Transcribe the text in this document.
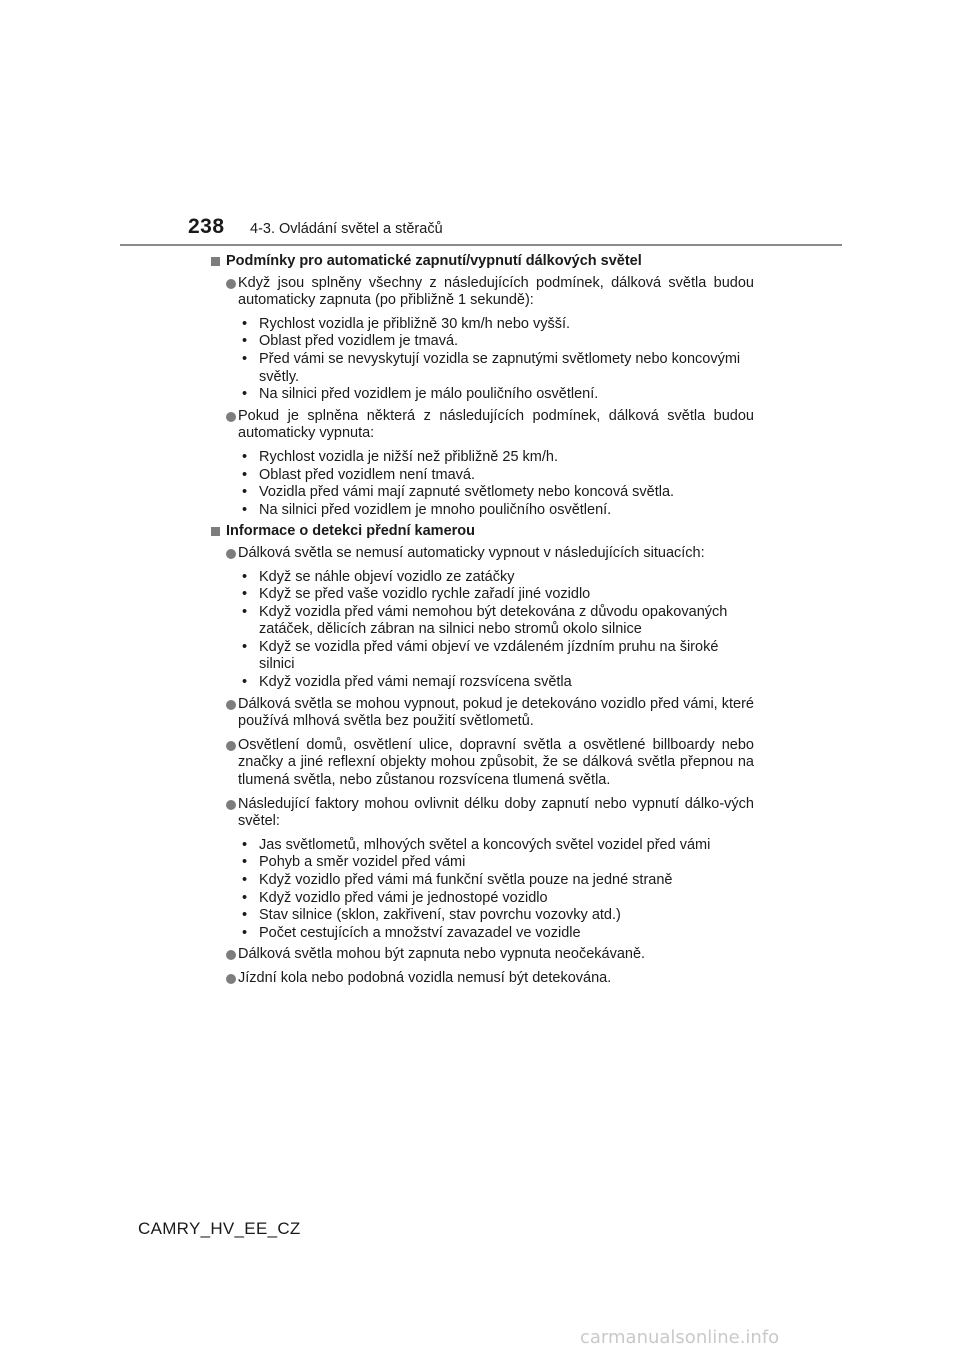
238 4-3. Ovládání světel a stěračů
Podmínky pro automatické zapnutí/vypnutí dálkových světel
Když jsou splněny všechny z následujících podmínek, dálková světla budou automaticky zapnuta (po přibližně 1 sekundě):
• Rychlost vozidla je přibližně 30 km/h nebo vyšší.
• Oblast před vozidlem je tmavá.
• Před vámi se nevyskytují vozidla se zapnutými světlomety nebo koncovými světly.
• Na silnici před vozidlem je málo pouličního osvětlení.
Pokud je splněna některá z následujících podmínek, dálková světla budou automaticky vypnuta:
• Rychlost vozidla je nižší než přibližně 25 km/h.
• Oblast před vozidlem není tmavá.
• Vozidla před vámi mají zapnuté světlomety nebo koncová světla.
• Na silnici před vozidlem je mnoho pouličního osvětlení.
Informace o detekci přední kamerou
Dálková světla se nemusí automaticky vypnout v následujících situacích:
• Když se náhle objeví vozidlo ze zatáčky
• Když se před vaše vozidlo rychle zařadí jiné vozidlo
• Když vozidla před vámi nemohou být detekována z důvodu opakovaných zatáček, dělicích zábran na silnici nebo stromů okolo silnice
• Když se vozidla před vámi objeví ve vzdáleném jízdním pruhu na široké silnici
• Když vozidla před vámi nemají rozsvícena světla
Dálková světla se mohou vypnout, pokud je detekováno vozidlo před vámi, které používá mlhová světla bez použití světlometů.
Osvětlení domů, osvětlení ulice, dopravní světla a osvětlené billboardy nebo značky a jiné reflexní objekty mohou způsobit, že se dálková světla přepnou na tlumená světla, nebo zůstanou rozsvícena tlumená světla.
Následující faktory mohou ovlivnit délku doby zapnutí nebo vypnutí dálko-vých světel:
• Jas světlometů, mlhových světel a koncových světel vozidel před vámi
• Pohyb a směr vozidel před vámi
• Když vozidlo před vámi má funkční světla pouze na jedné straně
• Když vozidlo před vámi je jednostopé vozidlo
• Stav silnice (sklon, zakřivení, stav povrchu vozovky atd.)
• Počet cestujících a množství zavazadel ve vozidle
Dálková světla mohou být zapnuta nebo vypnuta neočekávaně.
Jízdní kola nebo podobná vozidla nemusí být detekována.
CAMRY_HV_EE_CZ
carmanualsonline.info
